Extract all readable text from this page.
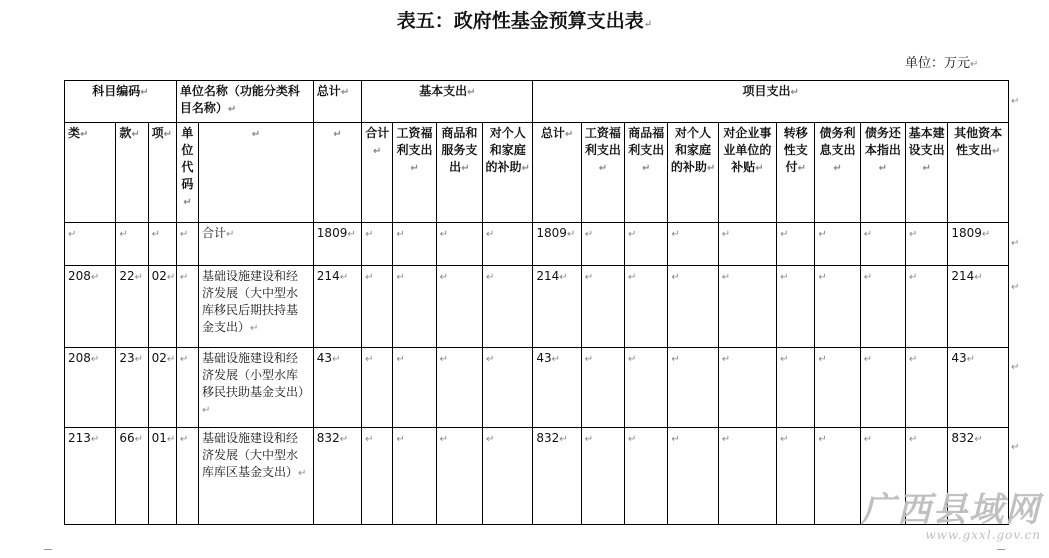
表五：政府性基金预算支出表↵
单位：万元↵
科目编码↵			单位名称（功能分类科目名称）↵		总计↵	基本支出↵				项目支出↵									
类↵	款↵	项↵	单位代码↵	↵	↵	合计↵	工资福利支出↵	商品和服务支出↵	对个人和家庭的补助↵	总计↵	工资福利支出↵	商品福利支出↵	对个人和家庭的补助↵	对企业事业单位的补贴↵	转移性支付↵	债务利息支出↵	债务还本指出↵	基本建设支出↵	其他资本性支出↵
↵	↵	↵	↵	合计↵	1809↵	↵	↵	↵	↵	1809↵	↵	↵	↵	↵	↵	↵	↵	↵	1809↵
208↵	22↵	02↵	↵	基础设施建设和经济发展（大中型水库移民后期扶持基金支出）↵	214↵	↵	↵	↵	↵	214↵	↵	↵	↵	↵	↵	↵	↵	↵	214↵
208↵	23↵	02↵	↵	基础设施建设和经济发展（小型水库移民扶助基金支出）↵	43↵	↵	↵	↵	↵	43↵	↵	↵	↵	↵	↵	↵	↵	↵	43↵
213↵	66↵	01↵	↵	基础设施建设和经济发展（大中型水库库区基金支出）↵	832↵	↵	↵	↵	↵	832↵	↵	↵	↵	↵	↵	↵	↵	↵	832↵
↵
↵
↵
↵
↵
广西县域网
www.gxxl.gov.cn
